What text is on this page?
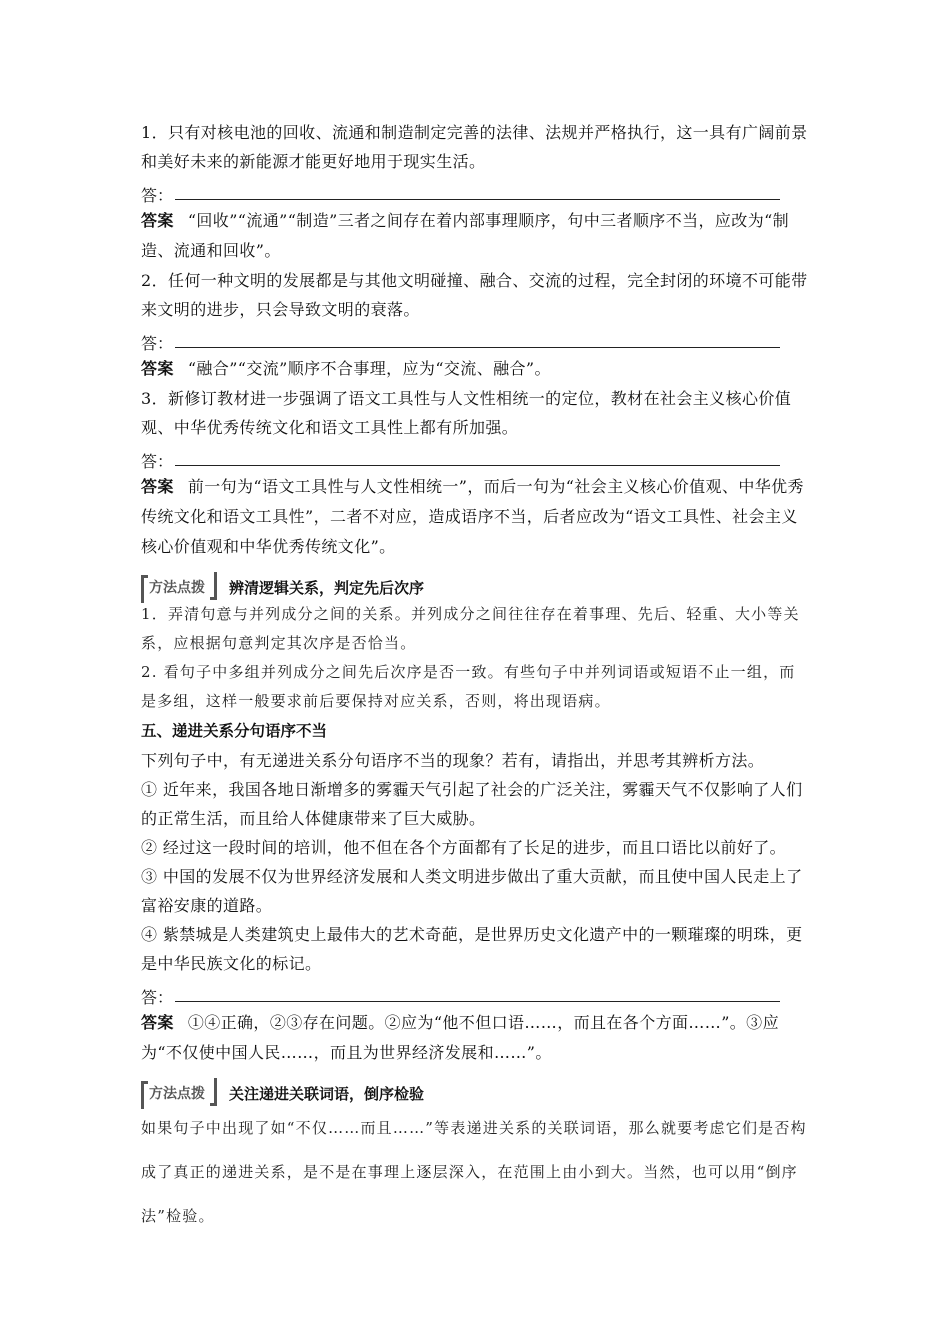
1．只有对核电池的回收、流通和制造制定完善的法律、法规并严格执行，这一具有广阔前景和美好未来的新能源才能更好地用于现实生活。

答：

答案 “回收”“流通”“制造”三者之间存在着内部事理顺序，句中三者顺序不当，应改为“制造、流通和回收”。

2．任何一种文明的发展都是与其他文明碰撞、融合、交流的过程，完全封闭的环境不可能带来文明的进步，只会导致文明的衰落。

答：

答案 “融合”“交流”顺序不合事理，应为“交流、融合”。

3．新修订教材进一步强调了语文工具性与人文性相统一的定位，教材在社会主义核心价值观、中华优秀传统文化和语文工具性上都有所加强。

答：

答案 前一句为“语文工具性与人文性相统一”，而后一句为“社会主义核心价值观、中华优秀传统文化和语文工具性”，二者不对应，造成语序不当，后者应改为“语文工具性、社会主义核心价值观和中华优秀传统文化”。

方法点拨	辨清逻辑关系，判定先后次序

1．弄清句意与并列成分之间的关系。并列成分之间往往存在着事理、先后、轻重、大小等关系，应根据句意判定其次序是否恰当。

2. 看句子中多组并列成分之间先后次序是否一致。有些句子中并列词语或短语不止一组，而是多组，这样一般要求前后要保持对应关系，否则，将出现语病。

五、递进关系分句语序不当

下列句子中，有无递进关系分句语序不当的现象？若有，请指出，并思考其辨析方法。

① 近年来，我国各地日渐增多的雾霾天气引起了社会的广泛关注，雾霾天气不仅影响了人们的正常生活，而且给人体健康带来了巨大威胁。

② 经过这一段时间的培训，他不但在各个方面都有了长足的进步，而且口语比以前好了。

③ 中国的发展不仅为世界经济发展和人类文明进步做出了重大贡献，而且使中国人民走上了富裕安康的道路。

④ 紫禁城是人类建筑史上最伟大的艺术奇葩，是世界历史文化遗产中的一颗璀璨的明珠，更是中华民族文化的标记。

答：

答案 ①④正确，②③存在问题。②应为“他不但口语……，而且在各个方面……”。③应为“不仅使中国人民……，而且为世界经济发展和……”。

方法点拨	关注递进关联词语，倒序检验

如果句子中出现了如“不仅……而且……”等表递进关系的关联词语，那么就要考虑它们是否构成了真正的递进关系，是不是在事理上逐层深入，在范围上由小到大。当然，也可以用“倒序法”检验。
